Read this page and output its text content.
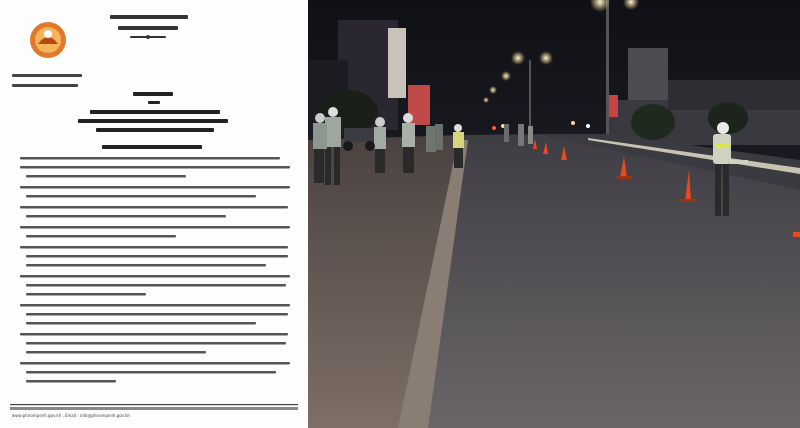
www.phnompenh.gov.kh , Email : info@phnompenh.gov.kh
